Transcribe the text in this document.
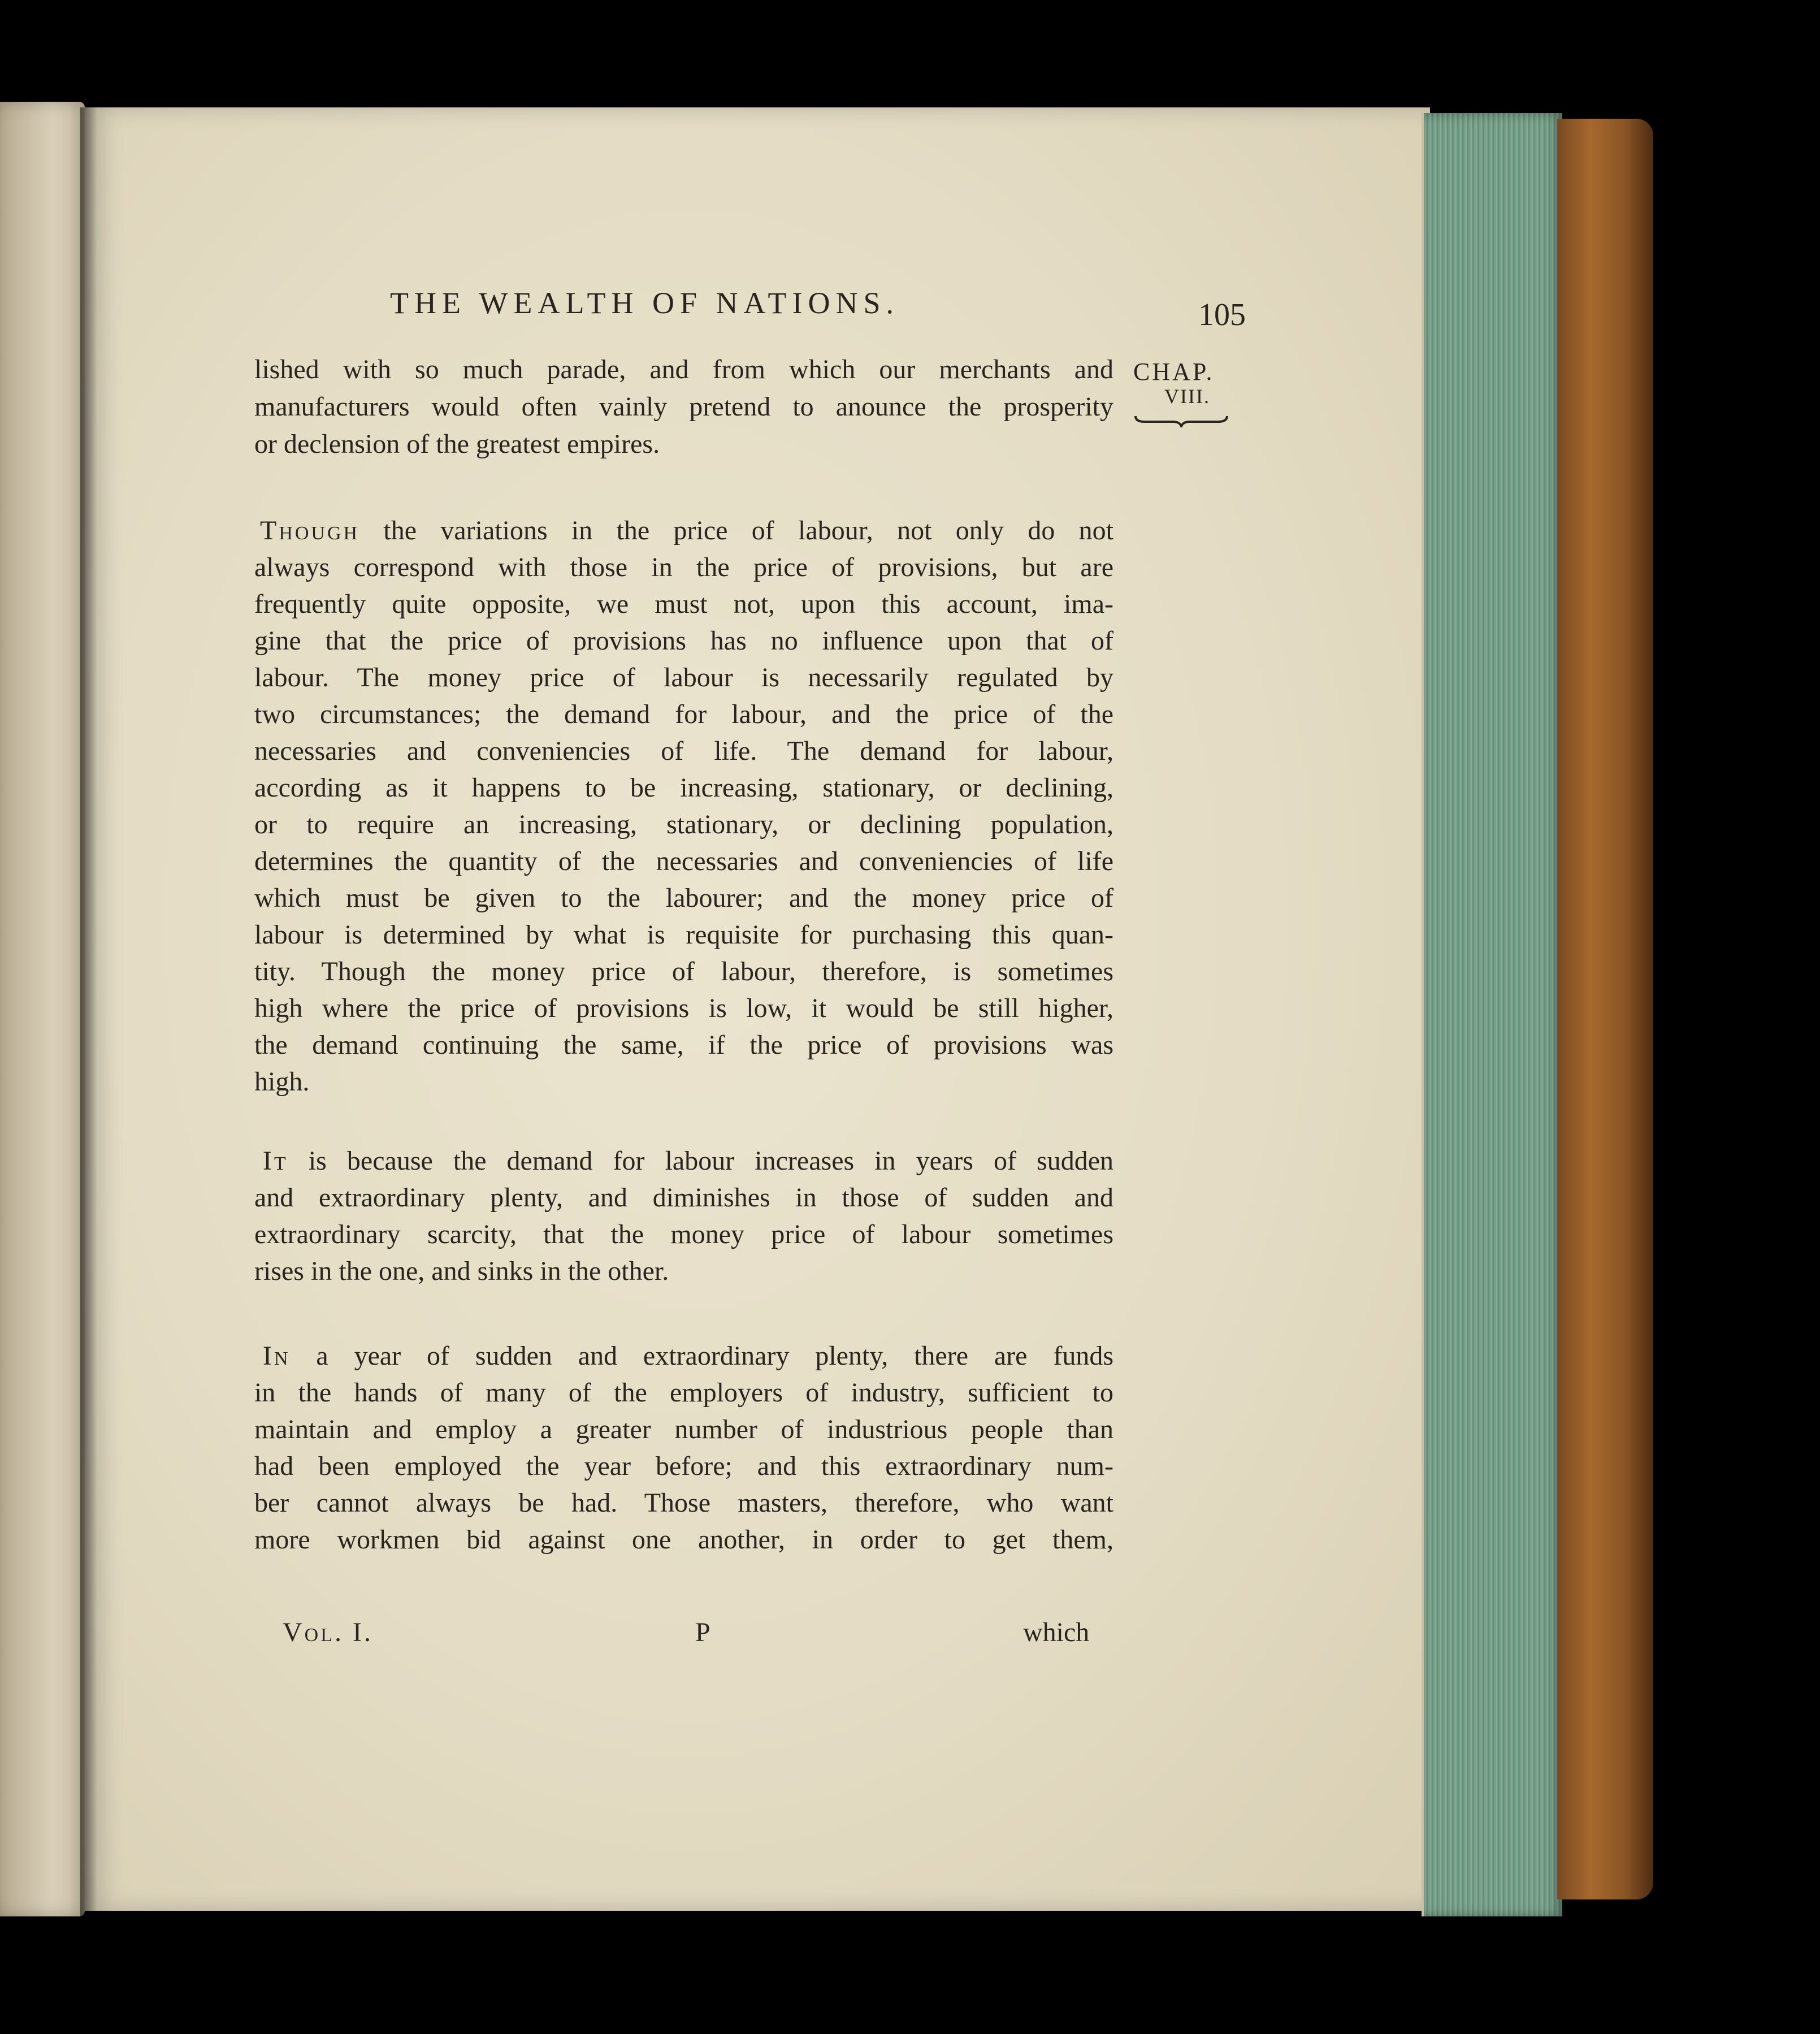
THE WEALTH OF NATIONS.	105
CHAP.
VIII.
lished with so much parade, and from which our merchants and
manufacturers would often vainly pretend to anounce the prosperity
or declension of the greatest empires.
Though the variations in the price of labour, not only do not
always correspond with those in the price of provisions, but are
frequently quite opposite, we must not, upon this account, ima-
gine that the price of provisions has no influence upon that of
labour. The money price of labour is necessarily regulated by
two circumstances; the demand for labour, and the price of the
necessaries and conveniencies of life. The demand for labour,
according as it happens to be increasing, stationary, or declining,
or to require an increasing, stationary, or declining population,
determines the quantity of the necessaries and conveniencies of life
which must be given to the labourer; and the money price of
labour is determined by what is requisite for purchasing this quan-
tity. Though the money price of labour, therefore, is sometimes
high where the price of provisions is low, it would be still higher,
the demand continuing the same, if the price of provisions was
high.
It is because the demand for labour increases in years of sudden
and extraordinary plenty, and diminishes in those of sudden and
extraordinary scarcity, that the money price of labour sometimes
rises in the one, and sinks in the other.
In a year of sudden and extraordinary plenty, there are funds
in the hands of many of the employers of industry, sufficient to
maintain and employ a greater number of industrious people than
had been employed the year before; and this extraordinary num-
ber cannot always be had. Those masters, therefore, who want
more workmen bid against one another, in order to get them,
Vol. I.	P	which
